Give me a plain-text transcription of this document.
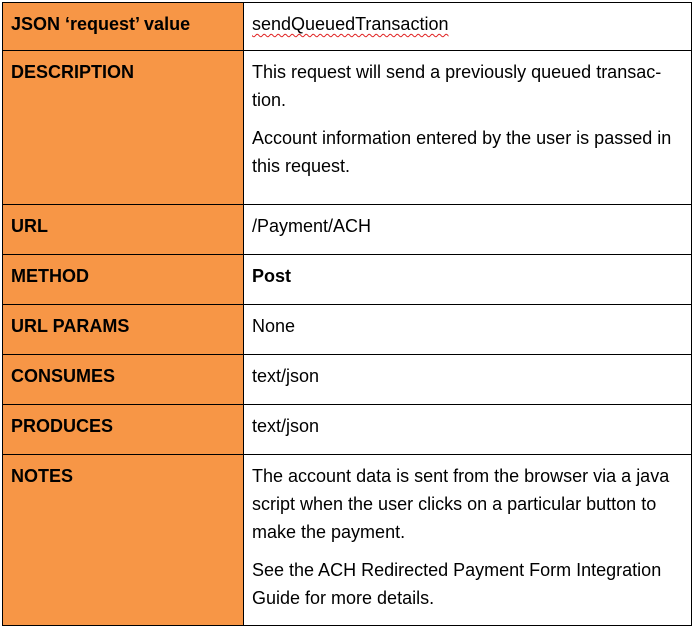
JSON ‘request’ value	sendQueuedTransaction

DESCRIPTION	This request will send a previously queued transac-tion.

Account information entered by the user is passed in this request.

URL	/Payment/ACH

METHOD	Post

URL PARAMS	None

CONSUMES	text/json

PRODUCES	text/json

NOTES	The account data is sent from the browser via a java script when the user clicks on a particular button to make the payment.

See the ACH Redirected Payment Form Integration Guide for more details.
